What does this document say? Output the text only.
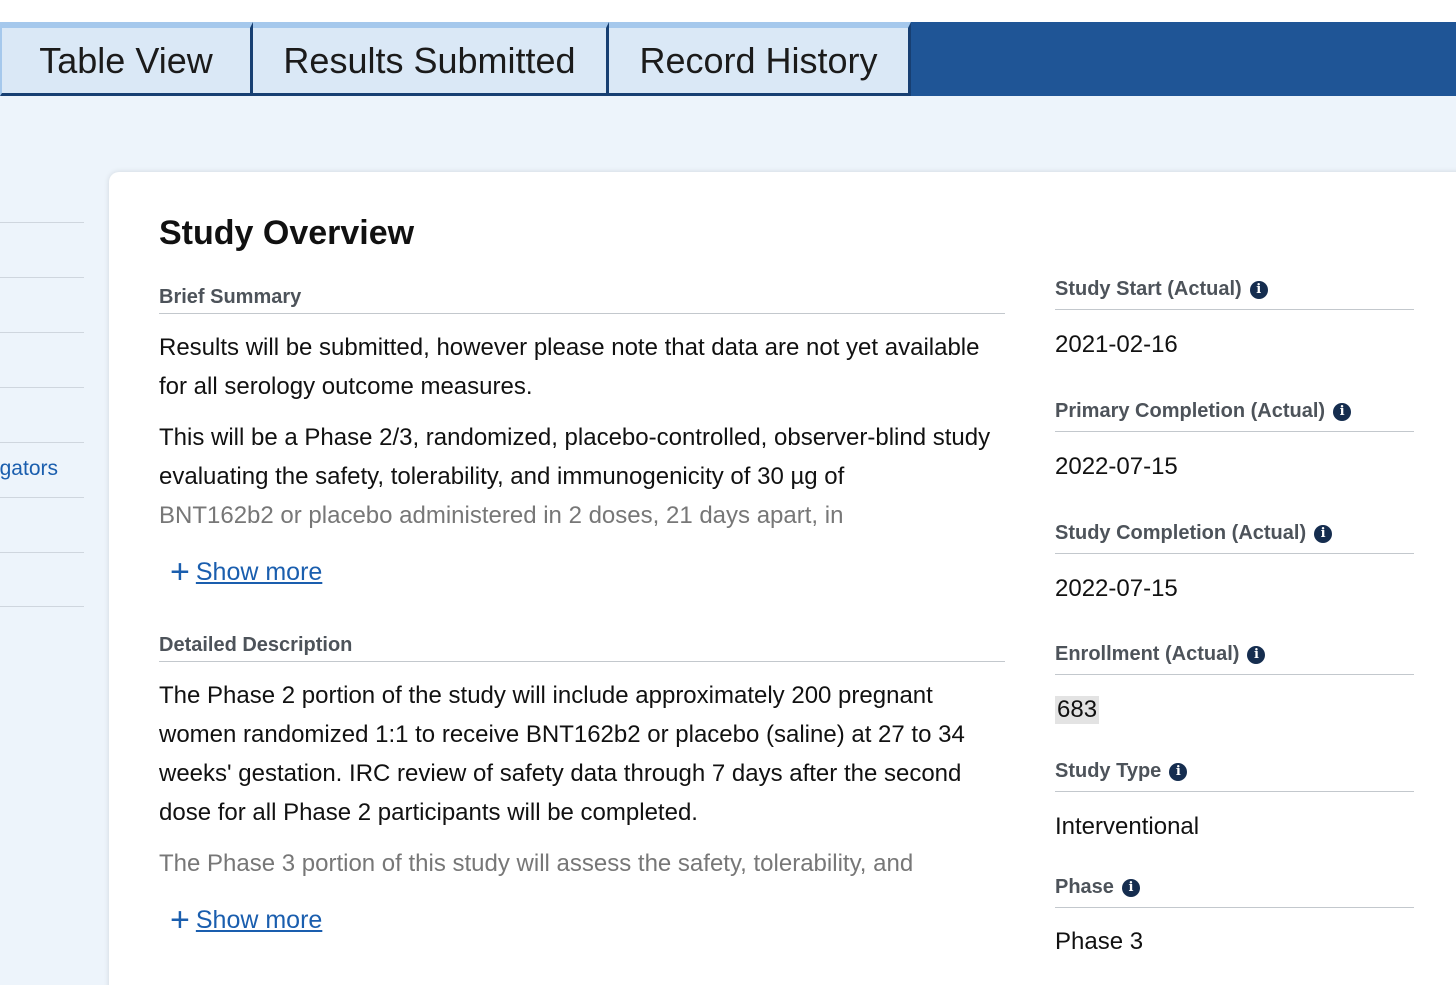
Table View	Results Submitted	Record History
gators
Study Overview
Brief Summary

Results will be submitted, however please note that data are not yet available for all serology outcome measures.

This will be a Phase 2/3, randomized, placebo-controlled, observer-blind study evaluating the safety, tolerability, and immunogenicity of 30 µg of

BNT162b2 or placebo administered in 2 doses, 21 days apart, in

+ Show more
Detailed Description

The Phase 2 portion of the study will include approximately 200 pregnant women randomized 1:1 to receive BNT162b2 or placebo (saline) at 27 to 34 weeks' gestation. IRC review of safety data through 7 days after the second dose for all Phase 2 participants will be completed.

The Phase 3 portion of this study will assess the safety, tolerability, and

+ Show more
Study Start (Actual)	i
2021-02-16
Primary Completion (Actual)	i
2022-07-15
Study Completion (Actual)	i
2022-07-15
Enrollment (Actual)	i
683
Study Type	i
Interventional
Phase	i
Phase 3
